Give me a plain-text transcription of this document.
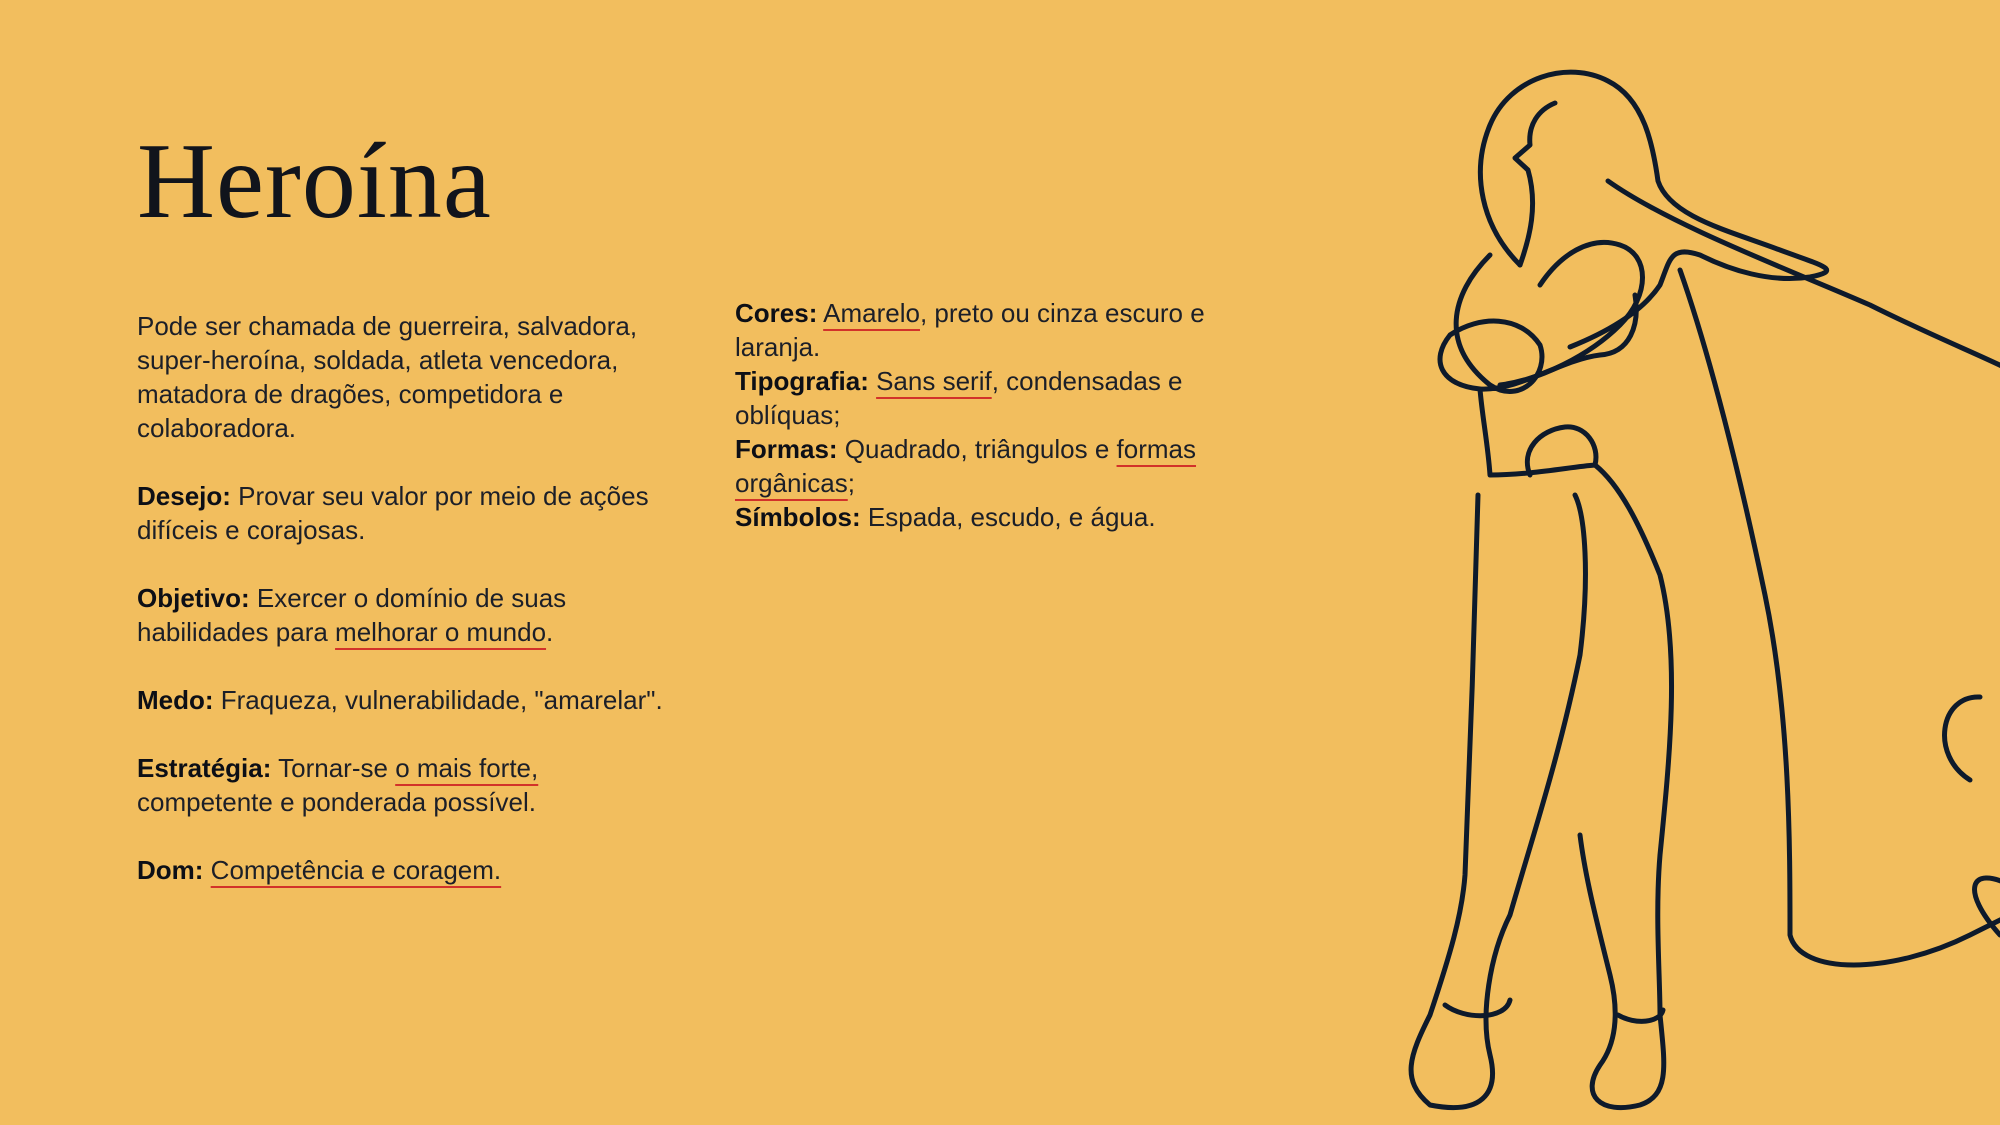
Heroína

Pode ser chamada de guerreira, salvadora, super-heroína, soldada, atleta vencedora, matadora de dragões, competidora e colaboradora.

Desejo: Provar seu valor por meio de ações difíceis e corajosas.

Objetivo: Exercer o domínio de suas habilidades para melhorar o mundo.

Medo: Fraqueza, vulnerabilidade, "amarelar".

Estratégia: Tornar-se o mais forte, competente e ponderada possível.

Dom: Competência e coragem.

Cores: Amarelo, preto ou cinza escuro e laranja.

Tipografia: Sans serif, condensadas e oblíquas;

Formas: Quadrado, triângulos e formas orgânicas;

Símbolos: Espada, escudo, e água.
